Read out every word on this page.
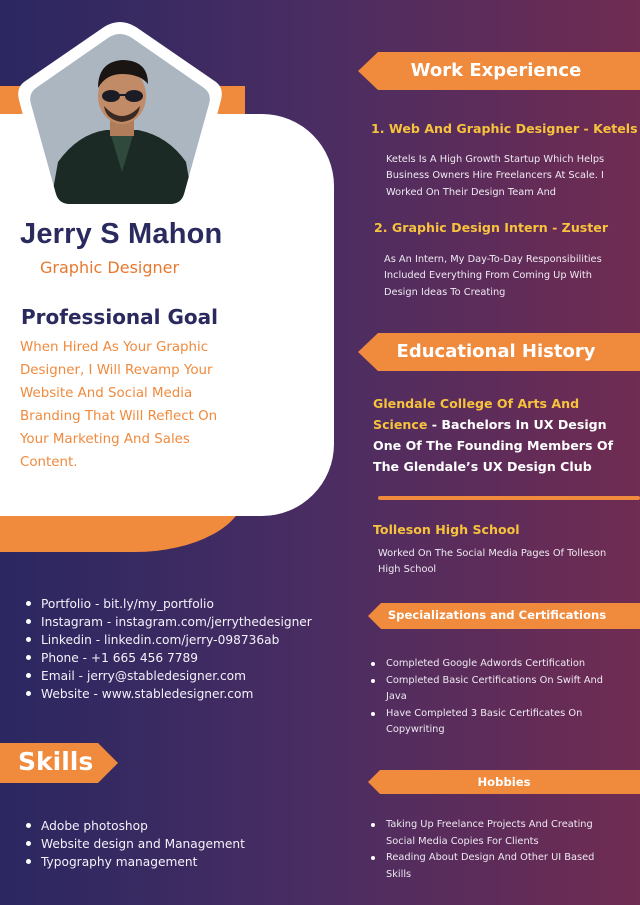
Jerry S Mahon
Graphic Designer
Professional Goal
When Hired As Your Graphic Designer, I Will Revamp Your Website And Social Media Branding That Will Reflect On Your Marketing And Sales Content.
Portfolio - bit.ly/my_portfolio
Instagram - instagram.com/jerrythedesigner
Linkedin - linkedin.com/jerry-098736ab
Phone - +1 665 456 7789
Email - jerry@stabledesigner.com
Website - www.stabledesigner.com
Skills
Adobe photoshop
Website design and Management
Typography management
Work Experience
1. Web And Graphic Designer - Ketels
Ketels Is A High Growth Startup Which Helps
Business Owners Hire Freelancers At Scale. I
Worked On Their Design Team And
2. Graphic Design Intern - Zuster
As An Intern, My Day-To-Day Responsibilities
Included Everything From Coming Up With
Design Ideas To Creating
Educational History
Glendale College Of Arts And
Science - Bachelors In UX Design
One Of The Founding Members Of
The Glendale’s UX Design Club
Tolleson High School
Worked On The Social Media Pages Of Tolleson
High School
Specializations and Certifications
Completed Google Adwords Certification
Completed Basic Certifications On Swift And
Java
Have Completed 3 Basic Certificates On
Copywriting
Hobbies
Taking Up Freelance Projects And Creating
Social Media Copies For Clients
Reading About Design And Other UI Based
Skills
